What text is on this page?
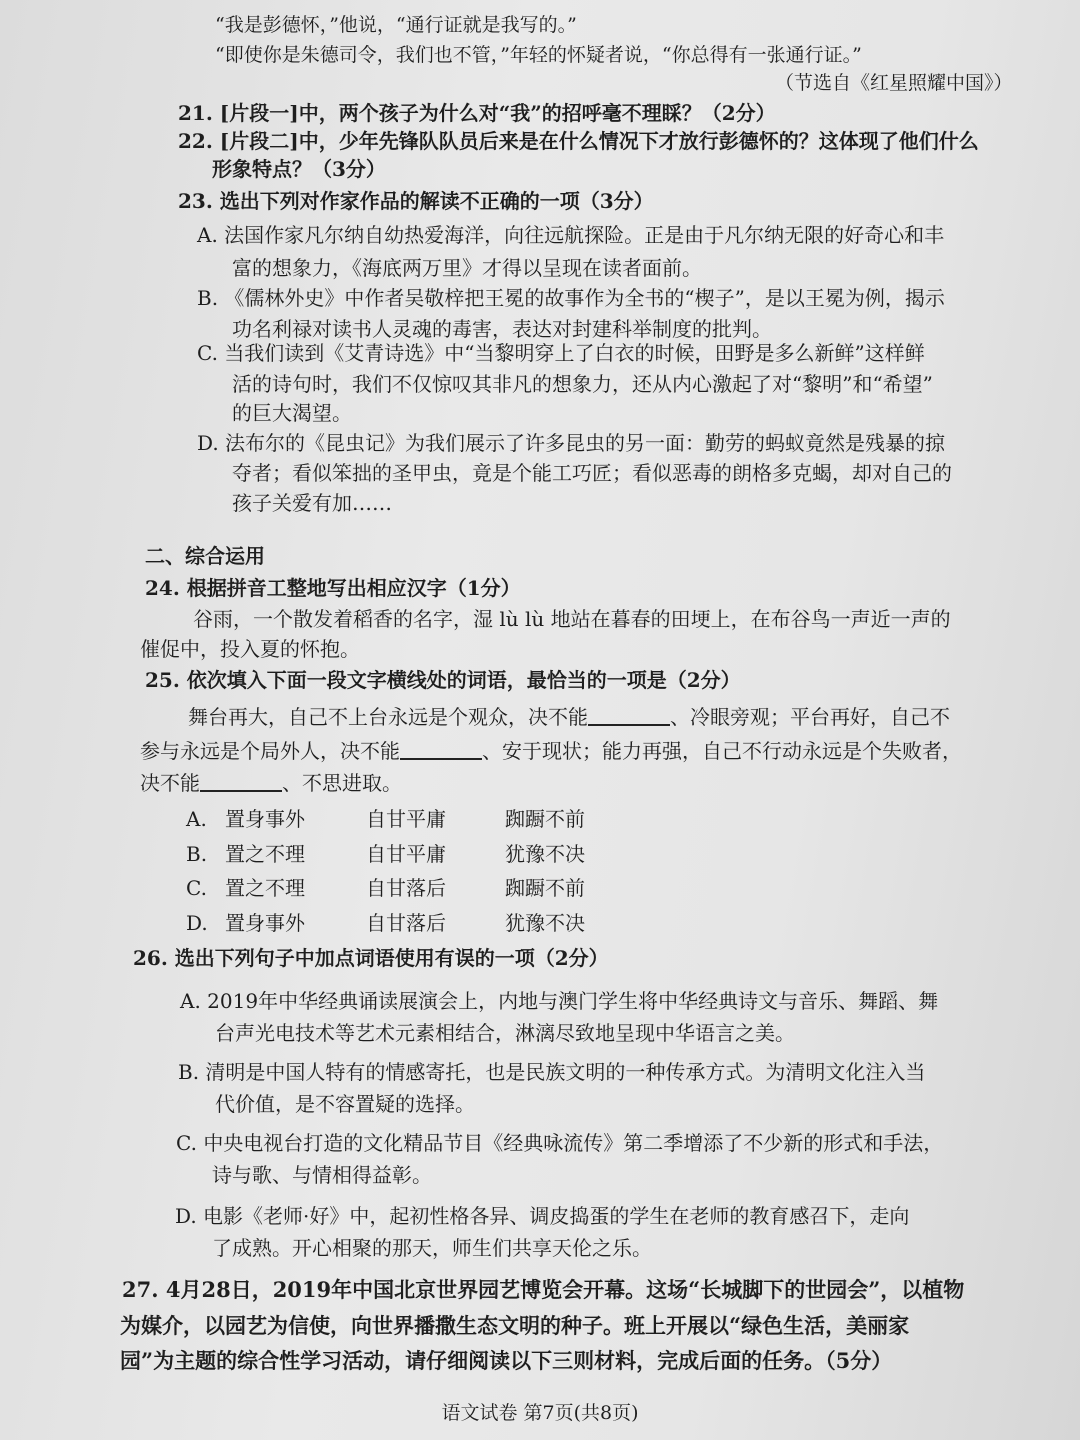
“我是彭德怀，”他说，“通行证就是我写的。”
“即使你是朱德司令，我们也不管，”年轻的怀疑者说，“你总得有一张通行证。”
（节选自《红星照耀中国》）
21. [片段一]中，两个孩子为什么对“我”的招呼毫不理睬？（2分）
22. [片段二]中，少年先锋队队员后来是在什么情况下才放行彭德怀的？这体现了他们什么
形象特点？（3分）
23. 选出下列对作家作品的解读不正确的一项（3分）
A. 法国作家凡尔纳自幼热爱海洋，向往远航探险。正是由于凡尔纳无限的好奇心和丰
富的想象力，《海底两万里》才得以呈现在读者面前。
B. 《儒林外史》中作者吴敬梓把王冕的故事作为全书的“楔子”，是以王冕为例，揭示
功名利禄对读书人灵魂的毒害，表达对封建科举制度的批判。
C. 当我们读到《艾青诗选》中“当黎明穿上了白衣的时候，田野是多么新鲜”这样鲜
活的诗句时，我们不仅惊叹其非凡的想象力，还从内心激起了对“黎明”和“希望”
的巨大渴望。
D. 法布尔的《昆虫记》为我们展示了许多昆虫的另一面：勤劳的蚂蚁竟然是残暴的掠
夺者；看似笨拙的圣甲虫，竟是个能工巧匠；看似恶毒的朗格多克蝎，却对自己的
孩子关爱有加……
二、综合运用
24. 根据拼音工整地写出相应汉字（1分）
谷雨，一个散发着稻香的名字，湿 lù lù 地站在暮春的田埂上，在布谷鸟一声近一声的
催促中，投入夏的怀抱。
25. 依次填入下面一段文字横线处的词语，最恰当的一项是（2分）
舞台再大，自己不上台永远是个观众，决不能	、冷眼旁观；平台再好，自己不
参与永远是个局外人，决不能	、安于现状；能力再强，自己不行动永远是个失败者，
决不能	、不思进取。
A. 置身事外	自甘平庸	踟蹰不前
B. 置之不理	自甘平庸	犹豫不决
C. 置之不理	自甘落后	踟蹰不前
D. 置身事外	自甘落后	犹豫不决
26. 选出下列句子中加点词语使用有误的一项（2分）
A. 2019年中华经典诵读展演会上，内地与澳门学生将中华经典诗文与音乐、舞蹈、舞
台声光电技术等艺术元素相结合，淋漓尽致地呈现中华语言之美。
B. 清明是中国人特有的情感寄托，也是民族文明的一种传承方式。为清明文化注入当
代价值，是不容置疑的选择。
C. 中央电视台打造的文化精品节目《经典咏流传》第二季增添了不少新的形式和手法，
诗与歌、与情相得益彰。
D. 电影《老师·好》中，起初性格各异、调皮捣蛋的学生在老师的教育感召下，走向
了成熟。开心相聚的那天，师生们共享天伦之乐。
27. 4月28日，2019年中国北京世界园艺博览会开幕。这场“长城脚下的世园会”，以植物
为媒介，以园艺为信使，向世界播撒生态文明的种子。班上开展以“绿色生活，美丽家
园”为主题的综合性学习活动，请仔细阅读以下三则材料，完成后面的任务。（5分）
语文试卷 第7页(共8页)
